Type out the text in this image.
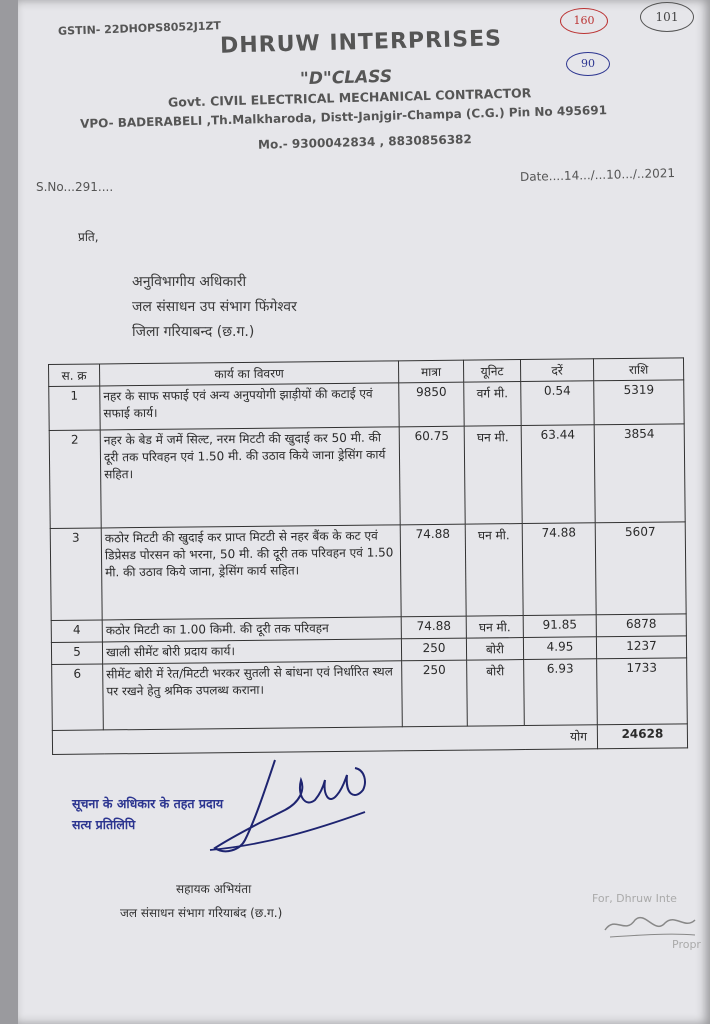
GSTIN- 22DHOPS8052J1ZT
DHRUW INTERPRISES
"D"CLASS
Govt. CIVIL ELECTRICAL MECHANICAL CONTRACTOR
VPO- BADERABELI ,Th.Malkharoda, Distt-Janjgir-Champa (C.G.) Pin No 495691
Mo.- 9300042834 , 8830856382
160	101
90
S.No...291....
Date....14.../...10.../..2021
प्रति,
अनुविभागीय अधिकारी
जल संसाधन उप संभाग फिंगेश्वर
जिला गरियाबन्द (छ.ग.)
स. क्र	कार्य का विवरण	मात्रा	यूनिट	दरें	राशि
1	नहर के साफ सफाई एवं अन्य अनुपयोगी झाड़ीयों की कटाई एवं सफाई कार्य।	9850	वर्ग मी.	0.54	5319
2	नहर के बेड में जमें सिल्ट, नरम मिटटी की खुदाई कर 50 मी. की दूरी तक परिवहन एवं 1.50 मी. की उठाव किये जाना ड्रेसिंग कार्य सहित।	60.75	घन मी.	63.44	3854
3	कठोर मिटटी की खुदाई कर प्राप्त मिटटी से नहर बैंक के कट एवं डिप्रेसड पोरसन को भरना, 50 मी. की दूरी तक परिवहन एवं 1.50 मी. की उठाव किये जाना, ड्रेसिंग कार्य सहित।	74.88	घन मी.	74.88	5607
4	कठोर मिटटी का 1.00 किमी. की दूरी तक परिवहन	74.88	घन मी.	91.85	6878
5	खाली सीमेंट बोरी प्रदाय कार्य।	250	बोरी	4.95	1237
6	सीमेंट बोरी में रेत/मिटटी भरकर सुतली से बांधना एवं निर्धारित स्थल पर रखने हेतु श्रमिक उपलब्ध कराना।	250	बोरी	6.93	1733
योग					24628
सूचना के अधिकार के तहत प्रदाय
सत्य प्रतिलिपि
सहायक अभियंता
जल संसाधन संभाग गरियाबंद (छ.ग.)
For, Dhruw Inte
Propr
